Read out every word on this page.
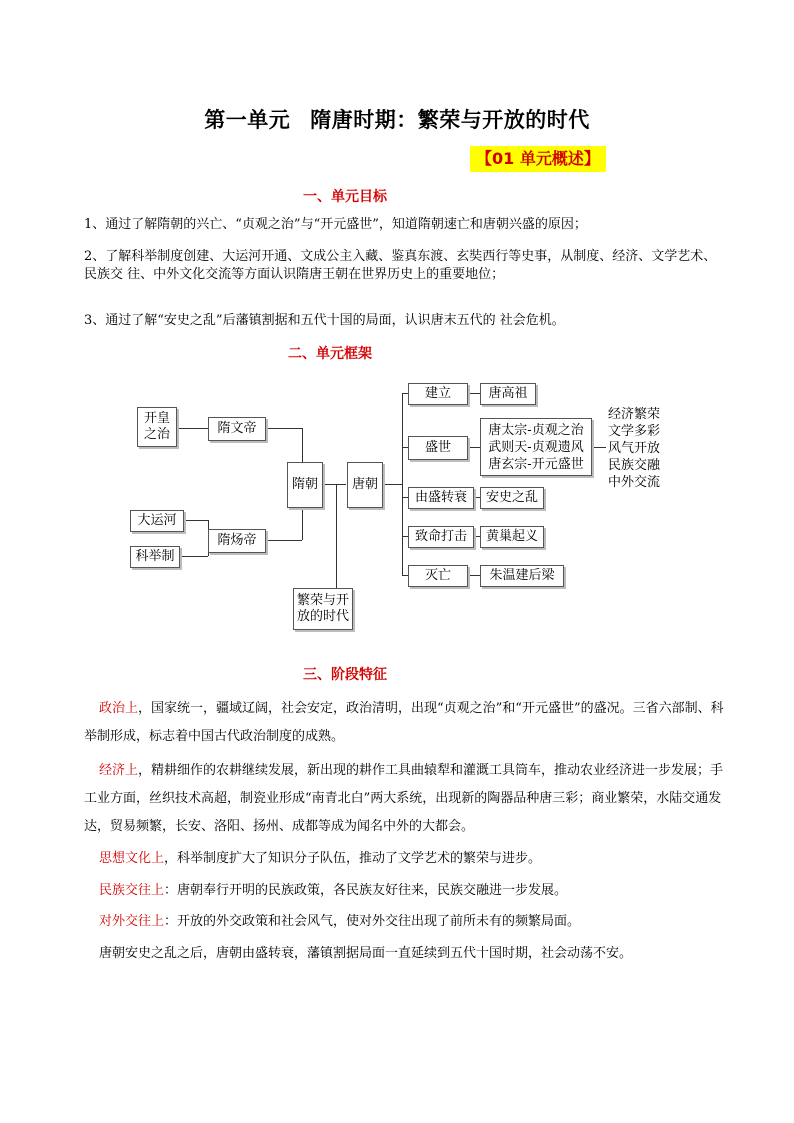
第一单元 隋唐时期：繁荣与开放的时代
【01 单元概述】
一、单元目标
1、通过了解隋朝的兴亡、“贞观之治”与“开元盛世”，知道隋朝速亡和唐朝兴盛的原因；
2、了解科举制度创建、大运河开通、文成公主入藏、鉴真东渡、玄奘西行等史事，从制度、经济、文学艺术、民族交 往、中外文化交流等方面认识隋唐王朝在世界历史上的重要地位；
3、通过了解“安史之乱”后藩镇割据和五代十国的局面，认识唐末五代的 社会危机。
二、单元框架
开皇之治	隋文帝
大运河
科举制
隋炀帝
隋朝	唐朝
繁荣与开放的时代
建立	唐高祖
盛世
唐太宗-贞观之治
武则天-贞观遗风
唐玄宗-开元盛世
由盛转衰	安史之乱
致命打击	黄巢起义
灭亡	朱温建后梁
经济繁荣
文学多彩
风气开放
民族交融
中外交流
三、阶段特征
政治上，国家统一，疆域辽阔，社会安定，政治清明，出现“贞观之治”和“开元盛世”的盛况。三省六部制、科举制形成，标志着中国古代政治制度的成熟。
经济上，精耕细作的农耕继续发展，新出现的耕作工具曲辕犁和灌溉工具筒车，推动农业经济进一步发展；手工业方面，丝织技术高超，制瓷业形成“南青北白”两大系统，出现新的陶器品种唐三彩；商业繁荣，水陆交通发达，贸易频繁，长安、洛阳、扬州、成都等成为闻名中外的大都会。
思想文化上，科举制度扩大了知识分子队伍，推动了文学艺术的繁荣与进步。
民族交往上：唐朝奉行开明的民族政策，各民族友好往来，民族交融进一步发展。
对外交往上：开放的外交政策和社会风气，使对外交往出现了前所未有的频繁局面。
唐朝安史之乱之后，唐朝由盛转衰，藩镇割据局面一直延续到五代十国时期，社会动荡不安。
